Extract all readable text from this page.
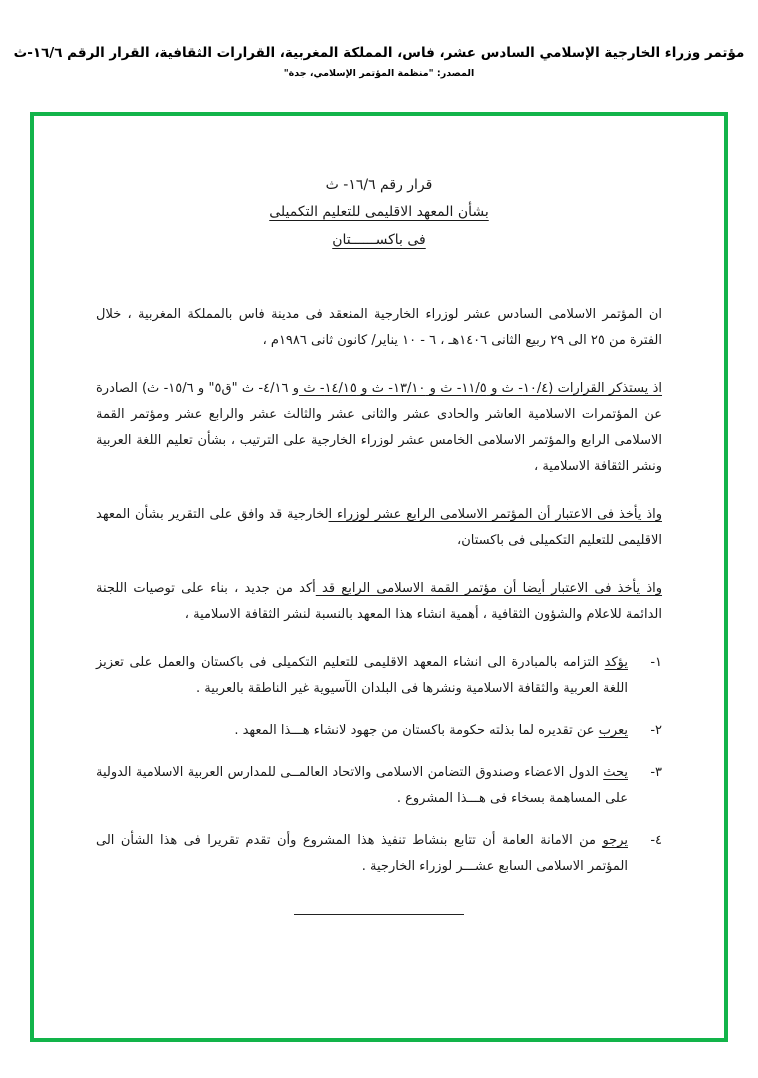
مؤتمر وزراء الخارجية الإسلامي السادس عشر، فاس، المملكة المغربية، القرارات الثقافية، القرار الرقم ١٦/٦-ث
المصدر: "منظمة المؤتمر الإسلامي، جدة"
قرار رقم ١٦/٦- ث
بشأن المعهد الاقليمى للتعليم التكميلى
فى باكســــــتان

ان المؤتمر الاسلامى السادس عشر لوزراء الخارجية المنعقد فى مدينة فاس بالمملكة المغربية ، خلال الفترة من ٢٥ الى ٢٩ ربيع الثانى ١٤٠٦هـ ، ٦ - ١٠ يناير/ كانون ثانى ١٩٨٦م ،

اذ يستذكر القرارات (١٠/٤- ث و ١١/٥- ث و ١٣/١٠- ث و ١٤/١٥- ث و ٤/١٦- ث "ق٥" و ١٥/٦- ث) الصادرة عن المؤتمرات الاسلامية العاشر والحادى عشر والثانى عشر والثالث عشر والرابع عشر ومؤتمر القمة الاسلامى الرابع والمؤتمر الاسلامى الخامس عشر لوزراء الخارجية على الترتيب ، بشأن تعليم اللغة العربية ونشر الثقافة الاسلامية ،

واذ يأخذ فى الاعتبار أن المؤتمر الاسلامى الرابع عشر لوزراء الخارجية قد وافق على التقرير بشأن المعهد الاقليمى للتعليم التكميلى فى باكستان،

واذ يأخذ فى الاعتبار أيضا أن مؤتمر القمة الاسلامى الرابع قد أكد من جديد ، بناء على توصيات اللجنة الدائمة للاعلام والشؤون الثقافية ، أهمية انشاء هذا المعهد بالنسبة لنشر الثقافة الاسلامية ،

١-
يؤكد التزامه بالمبادرة الى انشاء المعهد الاقليمى للتعليم التكميلى فى باكستان والعمل على تعزيز اللغة العربية والثقافة الاسلامية ونشرها فى البلدان الآسيوية غير الناطقة بالعربية .
٢-
يعرب عن تقديره لما بذلته حكومة باكستان من جهود لانشاء هـــذا المعهد .
٣-
يحث الدول الاعضاء وصندوق التضامن الاسلامى والاتحاد العالمــى للمدارس العربية الاسلامية الدولية على المساهمة بسخاء فى هـــذا المشروع .
٤-
يرجو من الامانة العامة أن تتابع بنشاط تنفيذ هذا المشروع وأن تقدم تقريرا فى هذا الشأن الى المؤتمر الاسلامى السابع عشـــر لوزراء الخارجية .
